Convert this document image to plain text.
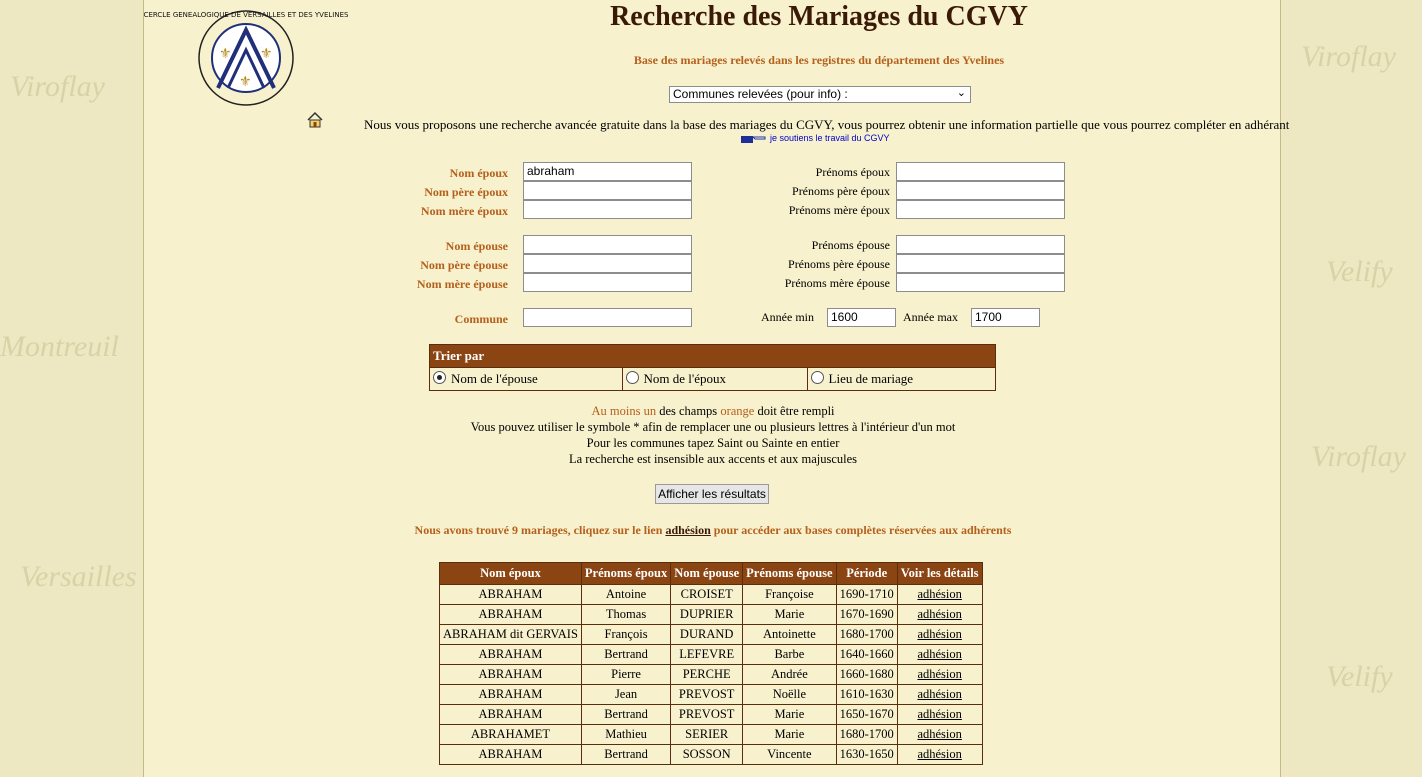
Viroflay
Montreuil
Versailles
Viroflay
Velify
Viroflay
Velify
⚜ ⚜
⚜
CERCLE GENEALOGIQUE DE VERSAILLES ET DES YVELINES	Recherche des Mariages du CGVY
Base des mariages relevés dans les registres du département des Yvelines
Communes relevées (pour info) :	⌄
Nous vous proposons une recherche avancée gratuite dans la base des mariages du CGVY, vous pourrez obtenir une information partielle que vous pourrez compléter en adhérant
je soutiens le travail du CGVY
Nom époux	abraham	Prénoms époux
Nom père époux	Prénoms père époux
Nom mère époux	Prénoms mère époux
Nom épouse	Prénoms épouse
Nom père épouse	Prénoms père épouse
Nom mère épouse	Prénoms mère épouse
Commune	Année min	1600	Année max	1700
Trier par
Nom de l'épouse	Nom de l'époux	Lieu de mariage
Au moins un des champs orange doit être rempli
Vous pouvez utiliser le symbole * afin de remplacer une ou plusieurs lettres à l'intérieur d'un mot
Pour les communes tapez Saint ou Sainte en entier
La recherche est insensible aux accents et aux majuscules
Afficher les résultats
Nous avons trouvé 9 mariages, cliquez sur le lien adhésion pour accéder aux bases complètes réservées aux adhérents
Nom époux	Prénoms époux	Nom épouse	Prénoms épouse	Période	Voir les détails
ABRAHAM	Antoine	CROISET	Françoise	1690-1710	adhésion
ABRAHAM	Thomas	DUPRIER	Marie	1670-1690	adhésion
ABRAHAM dit GERVAIS	François	DURAND	Antoinette	1680-1700	adhésion
ABRAHAM	Bertrand	LEFEVRE	Barbe	1640-1660	adhésion
ABRAHAM	Pierre	PERCHE	Andrée	1660-1680	adhésion
ABRAHAM	Jean	PREVOST	Noëlle	1610-1630	adhésion
ABRAHAM	Bertrand	PREVOST	Marie	1650-1670	adhésion
ABRAHAMET	Mathieu	SERIER	Marie	1680-1700	adhésion
ABRAHAM	Bertrand	SOSSON	Vincente	1630-1650	adhésion
